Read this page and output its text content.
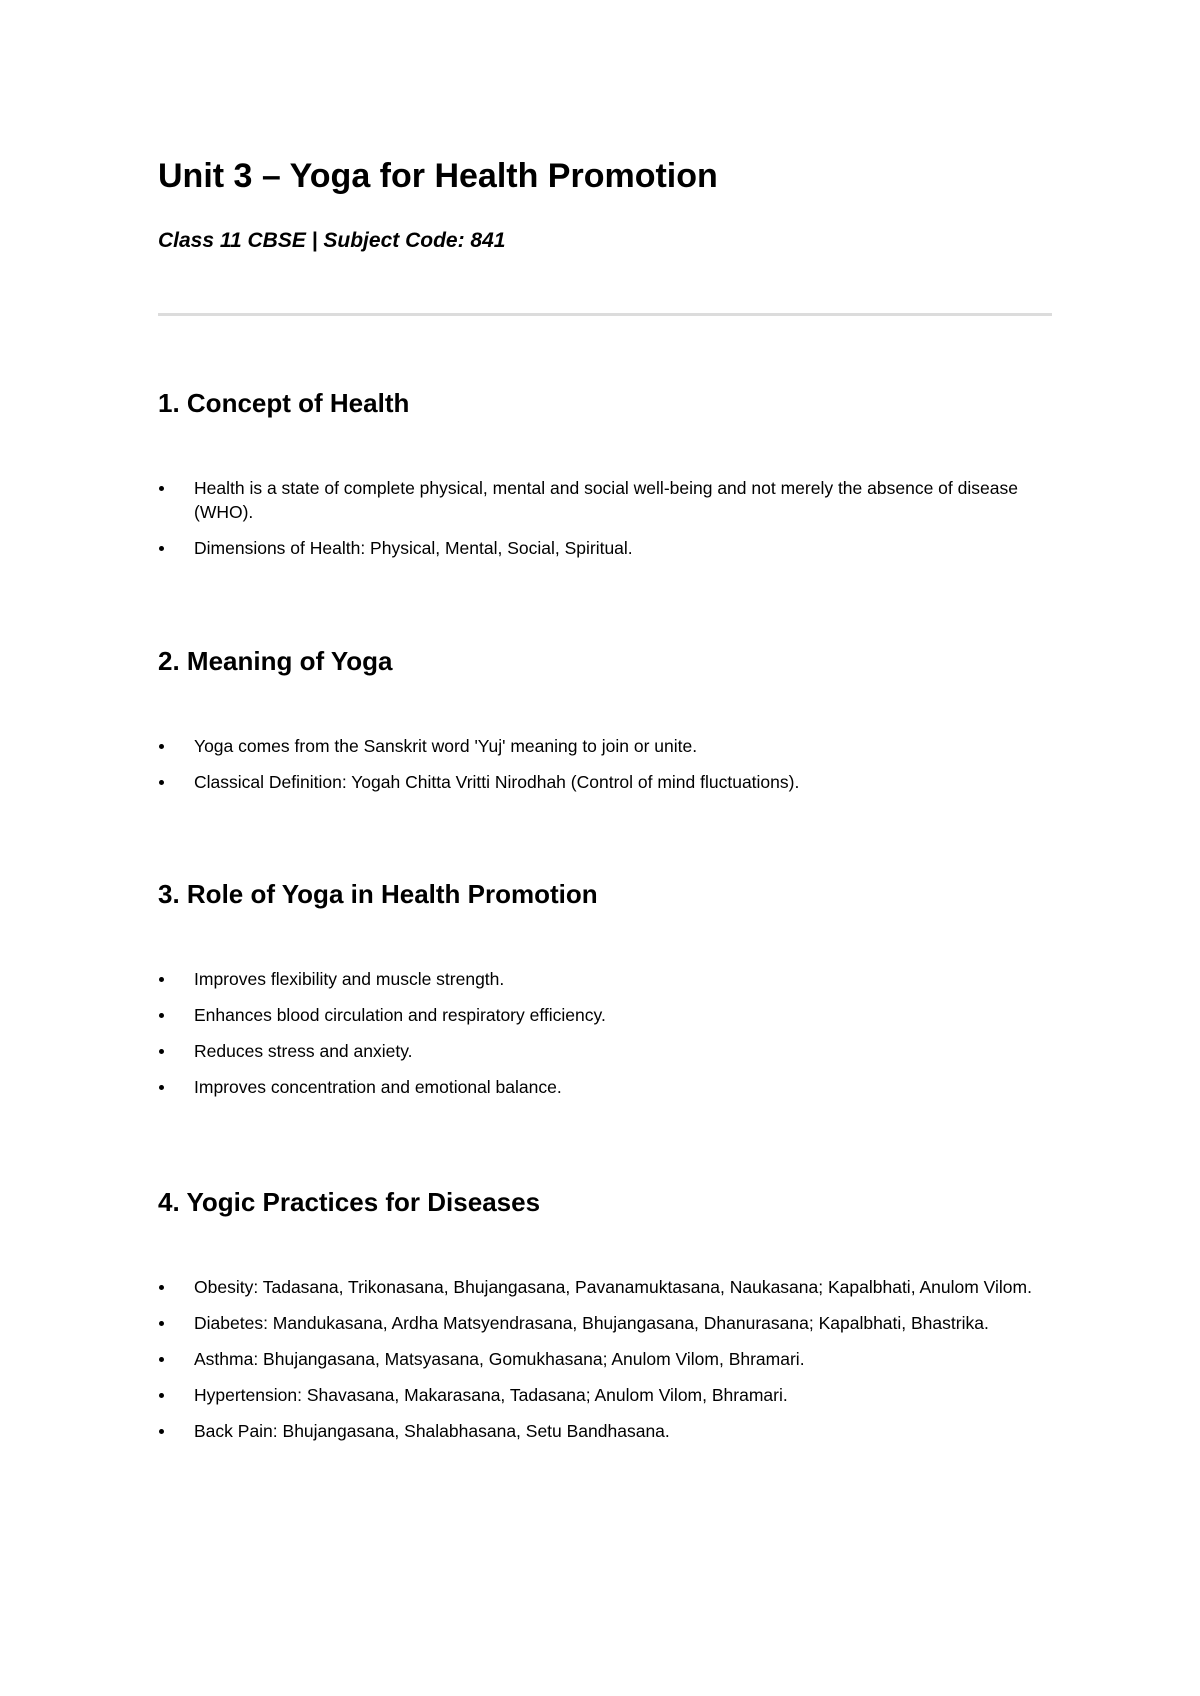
Unit 3 – Yoga for Health Promotion

Class 11 CBSE | Subject Code: 841

1. Concept of Health
Health is a state of complete physical, mental and social well-being and not merely the absence of disease (WHO).
Dimensions of Health: Physical, Mental, Social, Spiritual.
2. Meaning of Yoga
Yoga comes from the Sanskrit word 'Yuj' meaning to join or unite.
Classical Definition: Yogah Chitta Vritti Nirodhah (Control of mind fluctuations).
3. Role of Yoga in Health Promotion
Improves flexibility and muscle strength.
Enhances blood circulation and respiratory efficiency.
Reduces stress and anxiety.
Improves concentration and emotional balance.
4. Yogic Practices for Diseases
Obesity: Tadasana, Trikonasana, Bhujangasana, Pavanamuktasana, Naukasana; Kapalbhati, Anulom Vilom.
Diabetes: Mandukasana, Ardha Matsyendrasana, Bhujangasana, Dhanurasana; Kapalbhati, Bhastrika.
Asthma: Bhujangasana, Matsyasana, Gomukhasana; Anulom Vilom, Bhramari.
Hypertension: Shavasana, Makarasana, Tadasana; Anulom Vilom, Bhramari.
Back Pain: Bhujangasana, Shalabhasana, Setu Bandhasana.
